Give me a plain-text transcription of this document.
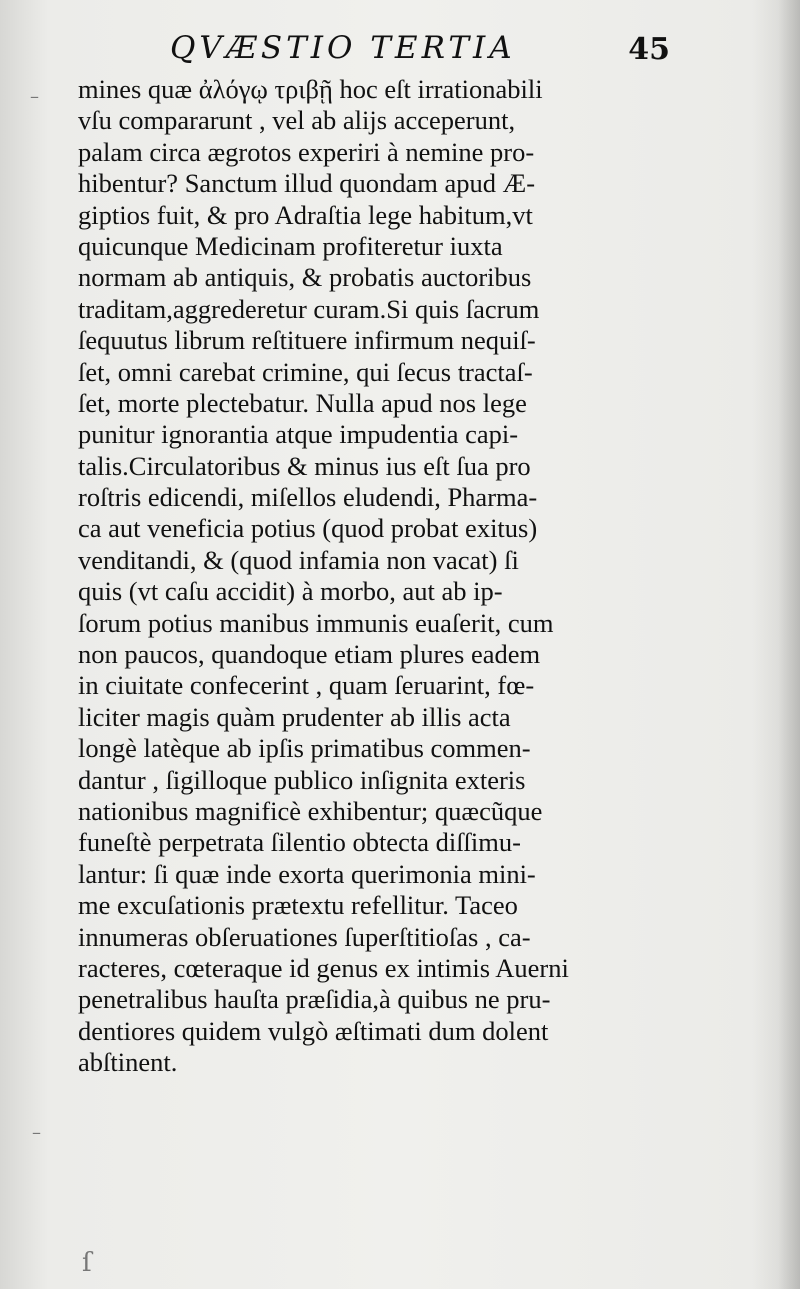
QVÆSTIO TERTIA	45
–
–
ſ
mines quæ ἀλόγῳ τριβῇ hoc eſt irrationabili
vſu compararunt , vel ab alijs acceperunt,
palam circa ægrotos experiri à nemine pro-
hibentur? Sanctum illud quondam apud Æ-
giptios fuit, & pro Adraſtia lege habitum,vt
quicunque Medicinam profiteretur iuxta
normam ab antiquis, & probatis auctoribus
traditam,aggrederetur curam.Si quis ſacrum
ſequutus librum reſtituere infirmum nequiſ-
ſet, omni carebat crimine, qui ſecus tractaſ-
ſet, morte plectebatur. Nulla apud nos lege
punitur ignorantia atque impudentia capi-
talis.Circulatoribus & minus ius eſt ſua pro
roſtris edicendi, miſellos eludendi, Pharma-
ca aut veneficia potius (quod probat exitus)
venditandi, & (quod infamia non vacat) ſi
quis (vt caſu accidit) à morbo, aut ab ip-
ſorum potius manibus immunis euaſerit, cum
non paucos, quandoque etiam plures eadem
in ciuitate confecerint , quam ſeruarint, fœ-
liciter magis quàm prudenter ab illis acta
longè latèque ab ipſis primatibus commen-
dantur , ſigilloque publico inſignita exteris
nationibus magnificè exhibentur; quæcũque
funeſtè perpetrata ſilentio obtecta diſſimu-
lantur: ſi quæ inde exorta querimonia mini-
me excuſationis prætextu refellitur. Taceo
innumeras obſeruationes ſuperſtitioſas , ca-
racteres, cœteraque id genus ex intimis Auerni
penetralibus hauſta præſidia,à quibus ne pru-
dentiores quidem vulgò æſtimati dum dolent
abſtinent.
